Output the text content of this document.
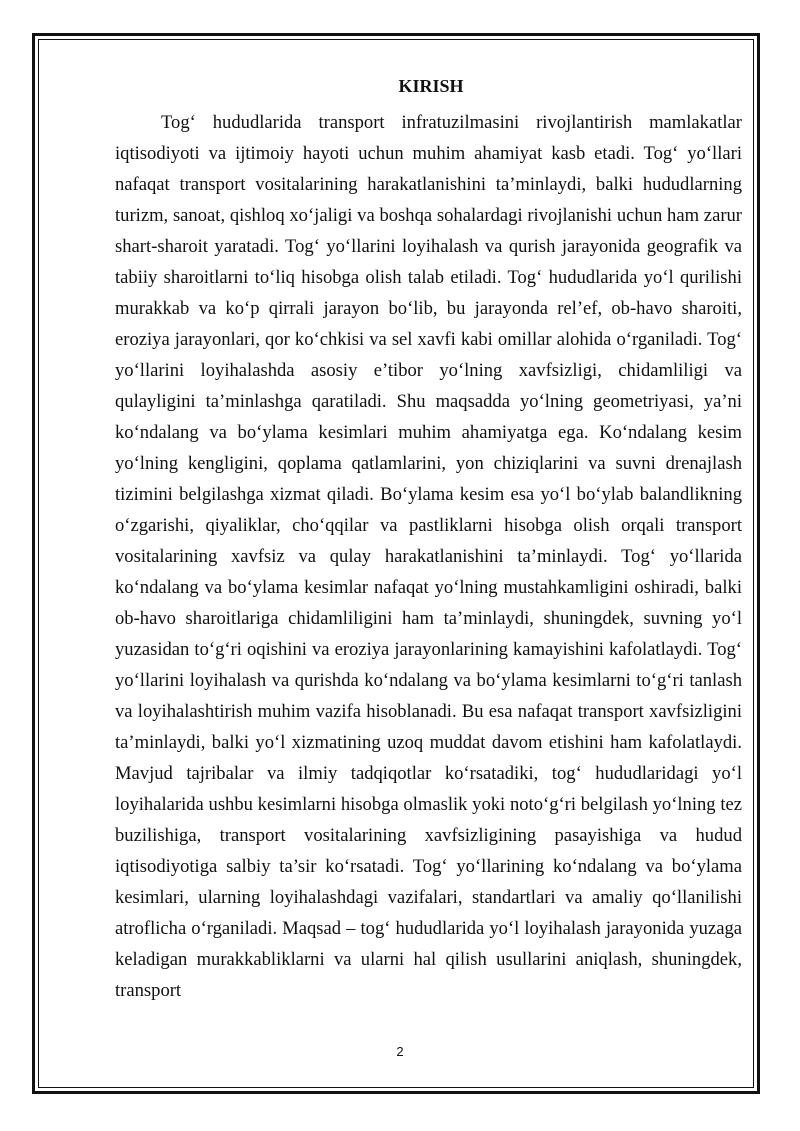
KIRISH

Tog‘ hududlarida transport infratuzilmasini rivojlantirish mamlakatlar iqtisodiyoti va ijtimoiy hayoti uchun muhim ahamiyat kasb etadi. Tog‘ yo‘llari nafaqat transport vositalarining harakatlanishini ta’minlaydi, balki hududlarning turizm, sanoat, qishloq xo‘jaligi va boshqa sohalardagi rivojlanishi uchun ham zarur shart-sharoit yaratadi. Tog‘ yo‘llarini loyihalash va qurish jarayonida geografik va tabiiy sharoitlarni to‘liq hisobga olish talab etiladi. Tog‘ hududlarida yo‘l qurilishi murakkab va ko‘p qirrali jarayon bo‘lib, bu jarayonda rel’ef, ob-havo sharoiti, eroziya jarayonlari, qor ko‘chkisi va sel xavfi kabi omillar alohida o‘rganiladi. Tog‘ yo‘llarini loyihalashda asosiy e’tibor yo‘lning xavfsizligi, chidamliligi va qulayligini ta’minlashga qaratiladi. Shu maqsadda yo‘lning geometriyasi, ya’ni ko‘ndalang va bo‘ylama kesimlari muhim ahamiyatga ega. Ko‘ndalang kesim yo‘lning kengligini, qoplama qatlamlarini, yon chiziqlarini va suvni drenajlash tizimini belgilashga xizmat qiladi. Bo‘ylama kesim esa yo‘l bo‘ylab balandlikning o‘zgarishi, qiyaliklar, cho‘qqilar va pastliklarni hisobga olish orqali transport vositalarining xavfsiz va qulay harakatlanishini ta’minlaydi. Tog‘ yo‘llarida ko‘ndalang va bo‘ylama kesimlar nafaqat yo‘lning mustahkamligini oshiradi, balki ob-havo sharoitlariga chidamliligini ham ta’minlaydi, shuningdek, suvning yo‘l yuzasidan to‘g‘ri oqishini va eroziya jarayonlarining kamayishini kafolatlaydi. Tog‘ yo‘llarini loyihalash va qurishda ko‘ndalang va bo‘ylama kesimlarni to‘g‘ri tanlash va loyihalashtirish muhim vazifa hisoblanadi. Bu esa nafaqat transport xavfsizligini ta’minlaydi, balki yo‘l xizmatining uzoq muddat davom etishini ham kafolatlaydi. Mavjud tajribalar va ilmiy tadqiqotlar ko‘rsatadiki, tog‘ hududlaridagi yo‘l loyihalarida ushbu kesimlarni hisobga olmaslik yoki noto‘g‘ri belgilash yo‘lning tez buzilishiga, transport vositalarining xavfsizligining pasayishiga va hudud iqtisodiyotiga salbiy ta’sir ko‘rsatadi. Tog‘ yo‘llarining ko‘ndalang va bo‘ylama kesimlari, ularning loyihalashdagi vazifalari, standartlari va amaliy qo‘llanilishi atroflicha o‘rganiladi. Maqsad – tog‘ hududlarida yo‘l loyihalash jarayonida yuzaga keladigan murakkabliklarni va ularni hal qilish usullarini aniqlash, shuningdek, transport

2
